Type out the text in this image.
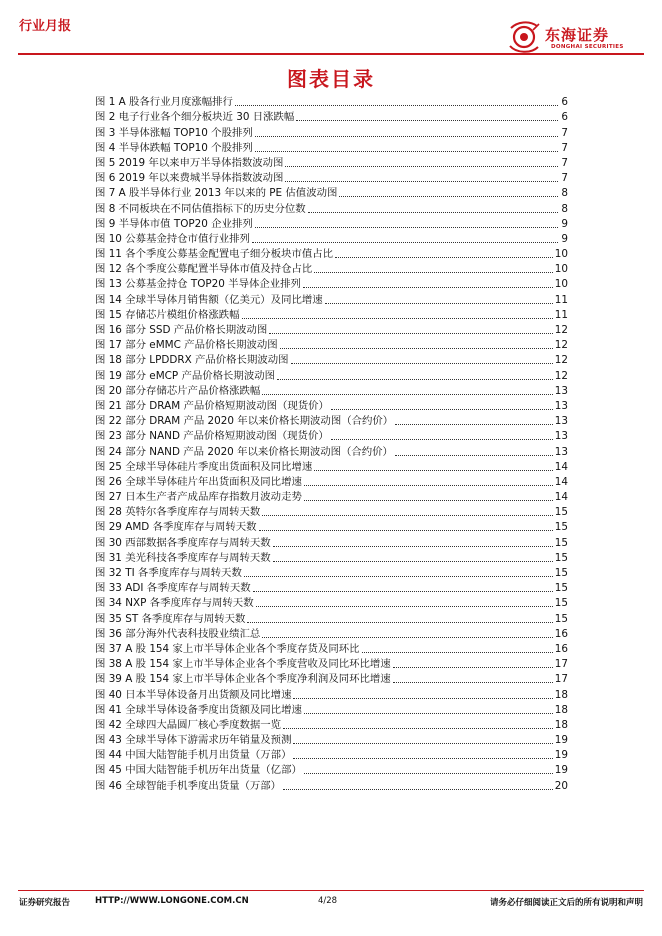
行业月报	东海证券
DONGHAI SECURITIES
图表目录
图 1 A 股各行业月度涨幅排行	6
图 2 电子行业各个细分板块近 30 日涨跌幅	6
图 3 半导体涨幅 TOP10 个股排列	7
图 4 半导体跌幅 TOP10 个股排列	7
图 5 2019 年以来申万半导体指数波动图	7
图 6 2019 年以来费城半导体指数波动图	7
图 7 A 股半导体行业 2013 年以来的 PE 估值波动图	8
图 8 不同板块在不同估值指标下的历史分位数	8
图 9 半导体市值 TOP20 企业排列	9
图 10 公募基金持仓市值行业排列	9
图 11 各个季度公募基金配置电子细分板块市值占比	10
图 12 各个季度公募配置半导体市值及持仓占比	10
图 13 公募基金持仓 TOP20 半导体企业排列	10
图 14 全球半导体月销售额（亿美元）及同比增速	11
图 15 存储芯片模组价格涨跌幅	11
图 16 部分 SSD 产品价格长期波动图	12
图 17 部分 eMMC 产品价格长期波动图	12
图 18 部分 LPDDRX 产品价格长期波动图	12
图 19 部分 eMCP 产品价格长期波动图	12
图 20 部分存储芯片产品价格涨跌幅	13
图 21 部分 DRAM 产品价格短期波动图（现货价）	13
图 22 部分 DRAM 产品 2020 年以来价格长期波动图（合约价）	13
图 23 部分 NAND 产品价格短期波动图（现货价）	13
图 24 部分 NAND 产品 2020 年以来价格长期波动图（合约价）	13
图 25 全球半导体硅片季度出货面积及同比增速	14
图 26 全球半导体硅片年出货面积及同比增速	14
图 27 日本生产者产成品库存指数月波动走势	14
图 28 英特尔各季度库存与周转天数	15
图 29 AMD 各季度库存与周转天数	15
图 30 西部数据各季度库存与周转天数	15
图 31 美光科技各季度库存与周转天数	15
图 32 TI 各季度库存与周转天数	15
图 33 ADI 各季度库存与周转天数	15
图 34 NXP 各季度库存与周转天数	15
图 35 ST 各季度库存与周转天数	15
图 36 部分海外代表科技股业绩汇总	16
图 37 A 股 154 家上市半导体企业各个季度存货及同环比	16
图 38 A 股 154 家上市半导体企业各个季度营收及同比环比增速	17
图 39 A 股 154 家上市半导体企业各个季度净利润及同环比增速	17
图 40 日本半导体设备月出货额及同比增速	18
图 41 全球半导体设备季度出货额及同比增速	18
图 42 全球四大晶圆厂核心季度数据一览	18
图 43 全球半导体下游需求历年销量及预测	19
图 44 中国大陆智能手机月出货量（万部）	19
图 45 中国大陆智能手机历年出货量（亿部）	19
图 46 全球智能手机季度出货量（万部）	20
证券研究报告	HTTP://WWW.LONGONE.COM.CN	4/28	请务必仔细阅读正文后的所有说明和声明
